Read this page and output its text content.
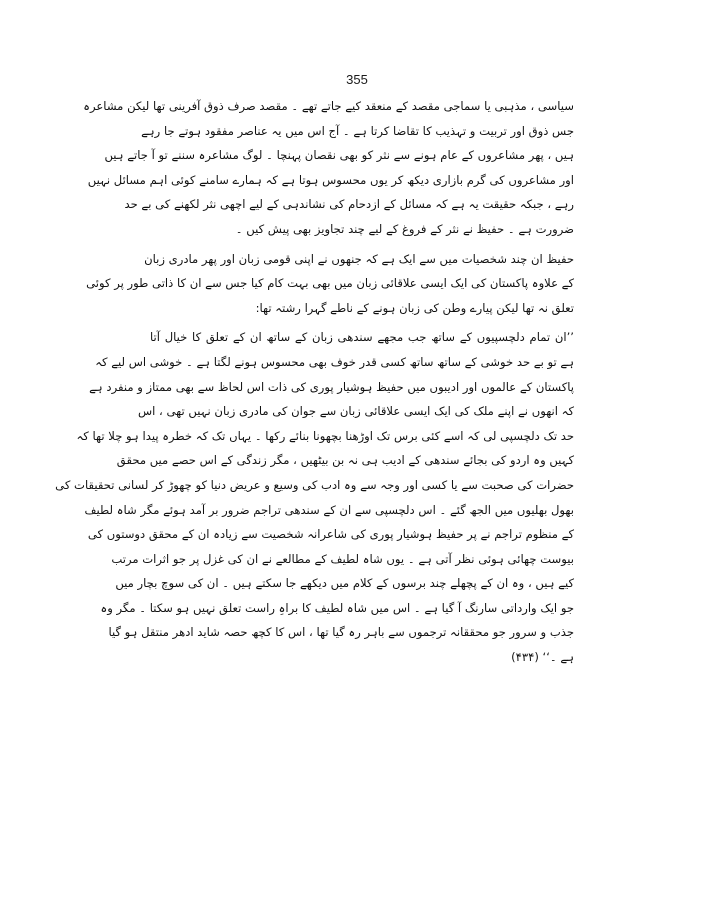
355

سیاسی ، مذہبی یا سماجی مقصد کے منعقد کیے جاتے تھے ۔ مقصد صرف ذوق آفرینی تھا لیکن مشاعرہ
جس ذوق اور تربیت و تہذیب کا تقاضا کرتا ہے ۔ آج اس میں یہ عناصر مفقود ہوتے جا رہے
ہیں ، پھر مشاعروں کے عام ہونے سے نثر کو بھی نقصان پہنچا ۔ لوگ مشاعرہ سننے تو آ جاتے ہیں
اور مشاعروں کی گرم بازاری دیکھ کر یوں محسوس ہوتا ہے کہ ہمارے سامنے کوئی اہم مسائل نہیں
رہے ، جبکہ حقیقت یہ ہے کہ مسائل کے ازدحام کی نشاندہی کے لیے اچھی نثر لکھنے کی بے حد
ضرورت ہے ۔ حفیظ نے نثر کے فروغ کے لیے چند تجاویز بھی پیش کیں ۔

حفیظ ان چند شخصیات میں سے ایک ہے کہ جنھوں نے اپنی قومی زبان اور پھر مادری زبان
کے علاوہ پاکستان کی ایک ایسی علاقائی زبان میں بھی بہت کام کیا جس سے ان کا ذاتی طور پر کوئی
تعلق نہ تھا لیکن پیارے وطن کی زبان ہونے کے ناطے گہرا رشتہ تھا:

’’ان تمام دلچسپیوں کے ساتھ جب مجھے سندھی زبان کے ساتھ ان کے تعلق کا خیال آتا
ہے تو بے حد خوشی کے ساتھ ساتھ کسی قدر خوف بھی محسوس ہونے لگتا ہے ۔ خوشی اس لیے کہ
پاکستان کے عالموں اور ادیبوں میں حفیظ ہوشیار پوری کی ذات اس لحاظ سے بھی ممتاز و منفرد ہے
کہ انھوں نے اپنے ملک کی ایک ایسی علاقائی زبان سے جوان کی مادری زبان نہیں تھی ، اس
حد تک دلچسپی لی کہ اسے کئی برس تک اوڑھنا بچھونا بنائے رکھا ۔ یہاں تک کہ خطرہ پیدا ہو چلا تھا کہ
کہیں وہ اردو کی بجائے سندھی کے ادیب ہی نہ بن بیٹھیں ، مگر زندگی کے اس حصے میں محقق
حضرات کی صحبت سے یا کسی اور وجہ سے وہ ادب کی وسیع و عریض دنیا کو چھوڑ کر لسانی تحقیقات کی
بھول بھلیوں میں الجھ گئے ۔ اس دلچسپی سے ان کے سندھی تراجم ضرور بر آمد ہوئے مگر شاہ لطیف
کے منظوم تراجم نے پر حفیظ ہوشیار پوری کی شاعرانہ شخصیت سے زیادہ ان کے محقق دوستوں کی
بیوست چھائی ہوئی نظر آتی ہے ۔ یوں شاہ لطیف کے مطالعے نے ان کی غزل پر جو اثرات مرتب
کیے ہیں ، وہ ان کے پچھلے چند برسوں کے کلام میں دیکھے جا سکتے ہیں ۔ ان کی سوچ بچار میں
جو ایک وارداتی سارنگ آ گیا ہے ۔ اس میں شاہ لطیف کا براہِ راست تعلق نہیں ہو سکتا ۔ مگر وہ
جذب و سرور جو محققانہ ترجموں سے باہر رہ گیا تھا ، اس کا کچھ حصہ شاید ادھر منتقل ہو گیا
ہے ۔‘‘ (۴۳۴)
